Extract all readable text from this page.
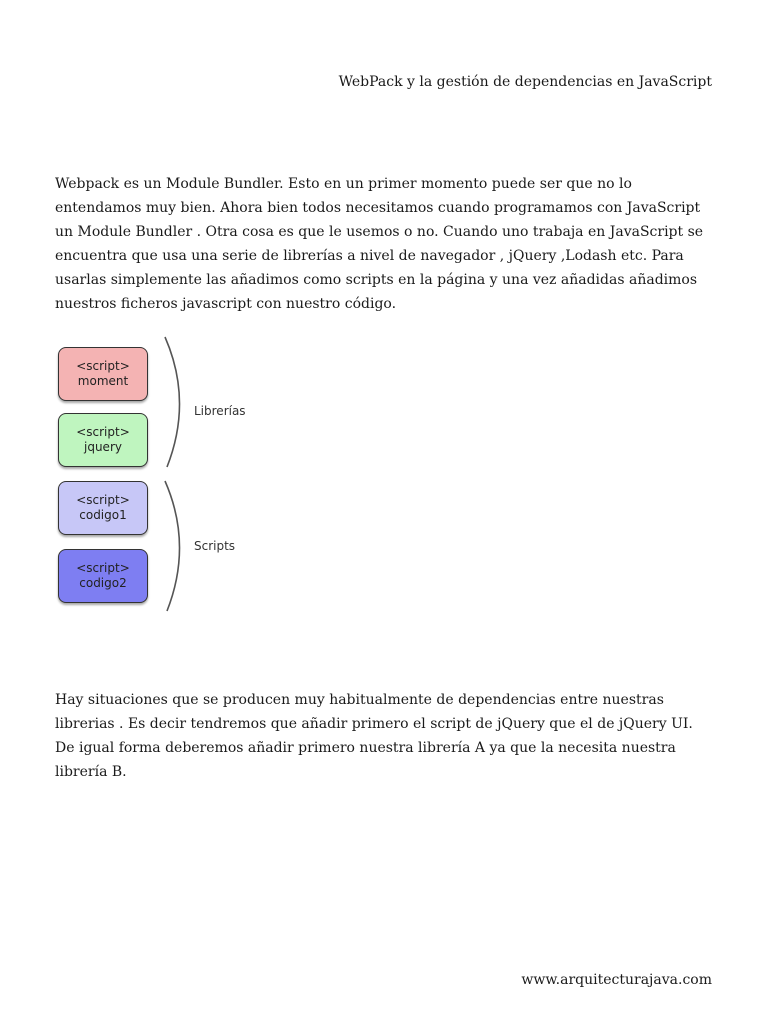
WebPack y la gestión de dependencias en JavaScript
Webpack es un Module Bundler. Esto en un primer momento puede ser que no lo
entendamos muy bien. Ahora bien todos necesitamos cuando programamos con JavaScript
un Module Bundler . Otra cosa es que le usemos o no. Cuando uno trabaja en JavaScript se
encuentra que usa una serie de librerías a nivel de navegador , jQuery ,Lodash etc. Para
usarlas simplemente las añadimos como scripts en la página y una vez añadidas añadimos
nuestros ficheros javascript con nuestro código.
<script>
moment
<script>
jquery
<script>
codigo1
<script>
codigo2
Librerías
Scripts
Hay situaciones que se producen muy habitualmente de dependencias entre nuestras
librerias . Es decir tendremos que añadir primero el script de jQuery que el de jQuery UI.
De igual forma deberemos añadir primero nuestra librería A ya que la necesita nuestra
librería B.
www.arquitecturajava.com
